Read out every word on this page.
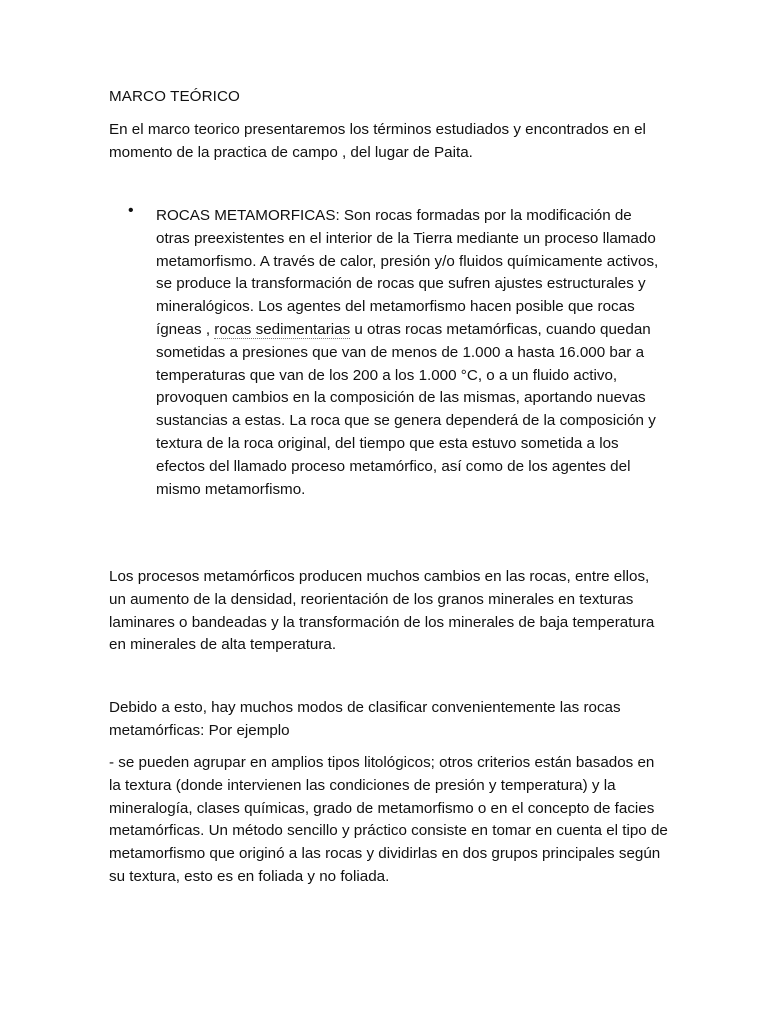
MARCO TEÓRICO

En el marco teorico presentaremos los términos estudiados y encontrados en el momento de la practica de campo , del lugar de Paita.

• ROCAS METAMORFICAS: Son rocas formadas por la modificación de otras preexistentes en el interior de la Tierra mediante un proceso llamado metamorfismo. A través de calor, presión y/o fluidos químicamente activos, se produce la transformación de rocas que sufren ajustes estructurales y mineralógicos. Los agentes del metamorfismo hacen posible que rocas ígneas , rocas sedimentarias u otras rocas metamórficas, cuando quedan sometidas a presiones que van de menos de 1.000 a hasta 16.000 bar a temperaturas que van de los 200 a los 1.000 °C, o a un fluido activo, provoquen cambios en la composición de las mismas, aportando nuevas sustancias a estas. La roca que se genera dependerá de la composición y textura de la roca original, del tiempo que esta estuvo sometida a los efectos del llamado proceso metamórfico, así como de los agentes del mismo metamorfismo.

Los procesos metamórficos producen muchos cambios en las rocas, entre ellos, un aumento de la densidad, reorientación de los granos minerales en texturas laminares o bandeadas y la transformación de los minerales de baja temperatura en minerales de alta temperatura.

Debido a esto, hay muchos modos de clasificar convenientemente las rocas metamórficas: Por ejemplo

- se pueden agrupar en amplios tipos litológicos; otros criterios están basados en la textura (donde intervienen las condiciones de presión y temperatura) y la mineralogía, clases químicas, grado de metamorfismo o en el concepto de facies metamórficas. Un método sencillo y práctico consiste en tomar en cuenta el tipo de metamorfismo que originó a las rocas y dividirlas en dos grupos principales según su textura, esto es en foliada y no foliada.
